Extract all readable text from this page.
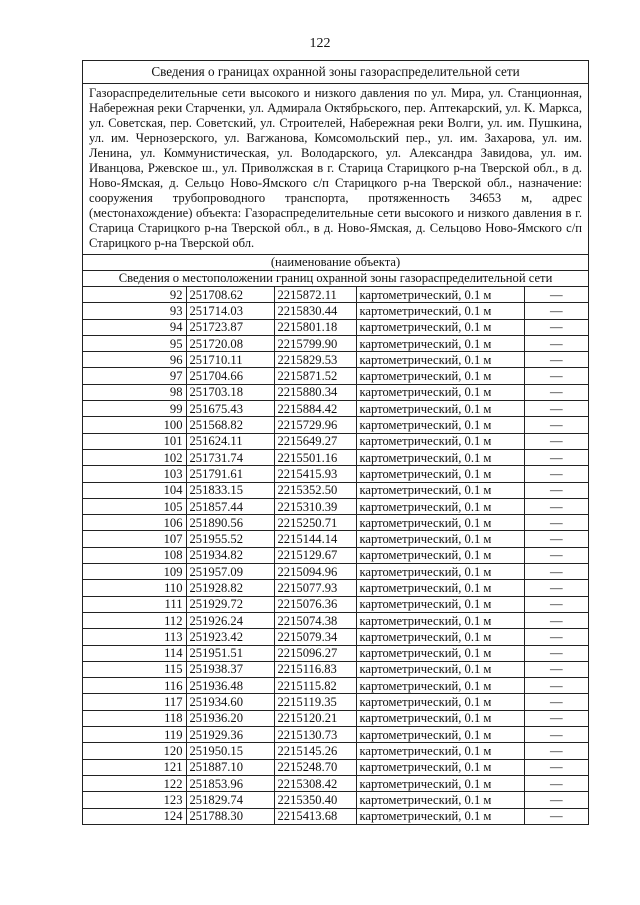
122
Сведения о границах охранной зоны газораспределительной сети
Газораспределительные сети высокого и низкого давления по ул. Мира, ул. Станционная, Набережная реки Старченки, ул. Адмирала Октябрьского, пер. Аптекарский, ул. К. Маркса, ул. Советская, пер. Советский, ул. Строителей, Набережная реки Волги, ул. им. Пушкина, ул. им. Чернозерского, ул. Вагжанова, Комсомольский пер., ул. им. Захарова, ул. им. Ленина, ул. Коммунистическая, ул. Володарского, ул. Александра Завидова, ул. им. Иванцова, Ржевское ш., ул. Приволжская в г. Старица Старицкого р-на Тверской обл., в д. Ново-Ямская, д. Сельцо Ново-Ямского с/п Старицкого р-на Тверской обл., назначение: сооружения трубопроводного транспорта, протяженность 34653 м, адрес (местонахождение) объекта: Газораспределительные сети высокого и низкого давления в г. Старица Старицкого р-на Тверской обл., в д. Ново-Ямская, д. Сельцово Ново-Ямского с/п Старицкого р-на Тверской обл.
(наименование объекта)
Сведения о местоположении границ охранной зоны газораспределительной сети
92	251708.62	2215872.11	картометрический, 0.1 м	—
93	251714.03	2215830.44	картометрический, 0.1 м	—
94	251723.87	2215801.18	картометрический, 0.1 м	—
95	251720.08	2215799.90	картометрический, 0.1 м	—
96	251710.11	2215829.53	картометрический, 0.1 м	—
97	251704.66	2215871.52	картометрический, 0.1 м	—
98	251703.18	2215880.34	картометрический, 0.1 м	—
99	251675.43	2215884.42	картометрический, 0.1 м	—
100	251568.82	2215729.96	картометрический, 0.1 м	—
101	251624.11	2215649.27	картометрический, 0.1 м	—
102	251731.74	2215501.16	картометрический, 0.1 м	—
103	251791.61	2215415.93	картометрический, 0.1 м	—
104	251833.15	2215352.50	картометрический, 0.1 м	—
105	251857.44	2215310.39	картометрический, 0.1 м	—
106	251890.56	2215250.71	картометрический, 0.1 м	—
107	251955.52	2215144.14	картометрический, 0.1 м	—
108	251934.82	2215129.67	картометрический, 0.1 м	—
109	251957.09	2215094.96	картометрический, 0.1 м	—
110	251928.82	2215077.93	картометрический, 0.1 м	—
111	251929.72	2215076.36	картометрический, 0.1 м	—
112	251926.24	2215074.38	картометрический, 0.1 м	—
113	251923.42	2215079.34	картометрический, 0.1 м	—
114	251951.51	2215096.27	картометрический, 0.1 м	—
115	251938.37	2215116.83	картометрический, 0.1 м	—
116	251936.48	2215115.82	картометрический, 0.1 м	—
117	251934.60	2215119.35	картометрический, 0.1 м	—
118	251936.20	2215120.21	картометрический, 0.1 м	—
119	251929.36	2215130.73	картометрический, 0.1 м	—
120	251950.15	2215145.26	картометрический, 0.1 м	—
121	251887.10	2215248.70	картометрический, 0.1 м	—
122	251853.96	2215308.42	картометрический, 0.1 м	—
123	251829.74	2215350.40	картометрический, 0.1 м	—
124	251788.30	2215413.68	картометрический, 0.1 м	—
